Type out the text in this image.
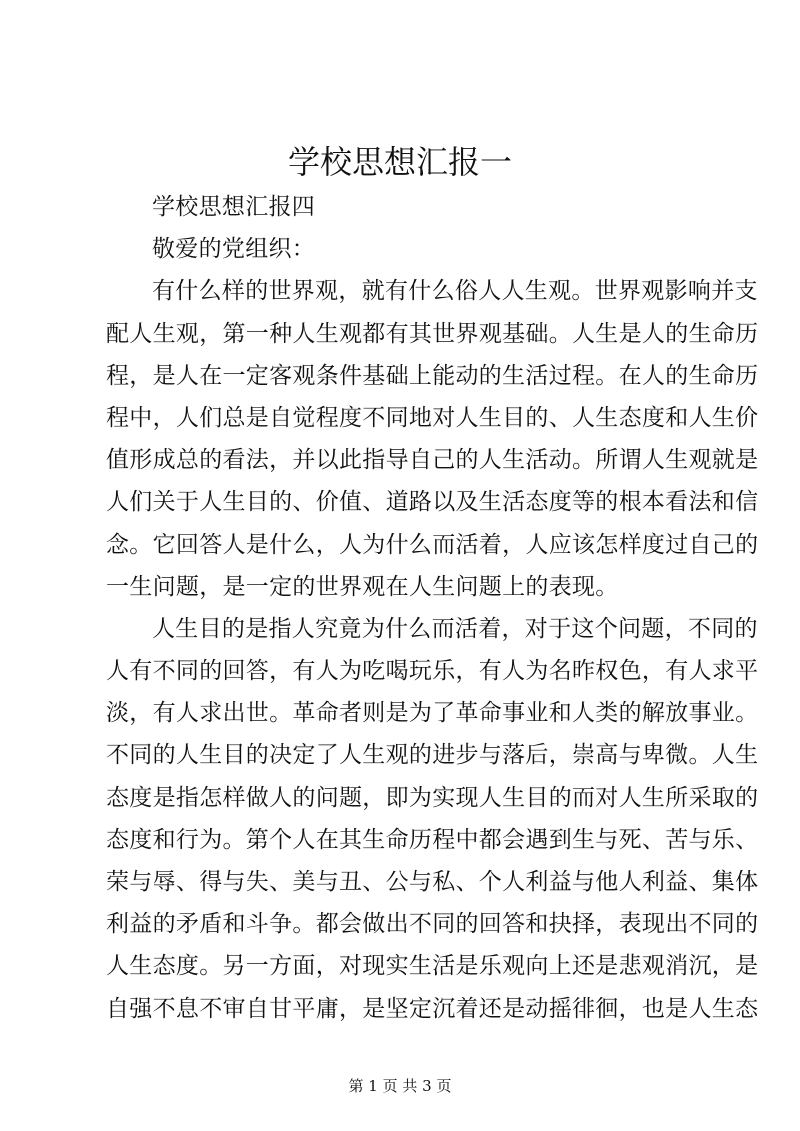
学校思想汇报一
学校思想汇报四
敬爱的党组织：
有什么样的世界观，就有什么俗人人生观。世界观影响并支
配人生观，第一种人生观都有其世界观基础。人生是人的生命历
程，是人在一定客观条件基础上能动的生活过程。在人的生命历
程中，人们总是自觉程度不同地对人生目的、人生态度和人生价
值形成总的看法，并以此指导自己的人生活动。所谓人生观就是
人们关于人生目的、价值、道路以及生活态度等的根本看法和信
念。它回答人是什么，人为什么而活着，人应该怎样度过自己的
一生问题，是一定的世界观在人生问题上的表现。
人生目的是指人究竟为什么而活着，对于这个问题，不同的
人有不同的回答，有人为吃喝玩乐，有人为名昨权色，有人求平
淡，有人求出世。革命者则是为了革命事业和人类的解放事业。
不同的人生目的决定了人生观的进步与落后，崇高与卑微。人生
态度是指怎样做人的问题，即为实现人生目的而对人生所采取的
态度和行为。第个人在其生命历程中都会遇到生与死、苦与乐、
荣与辱、得与失、美与丑、公与私、个人利益与他人利益、集体
利益的矛盾和斗争。都会做出不同的回答和抉择，表现出不同的
人生态度。另一方面，对现实生活是乐观向上还是悲观消沉，是
自强不息不审自甘平庸，是坚定沉着还是动摇徘徊，也是人生态
第 1 页 共 3 页
